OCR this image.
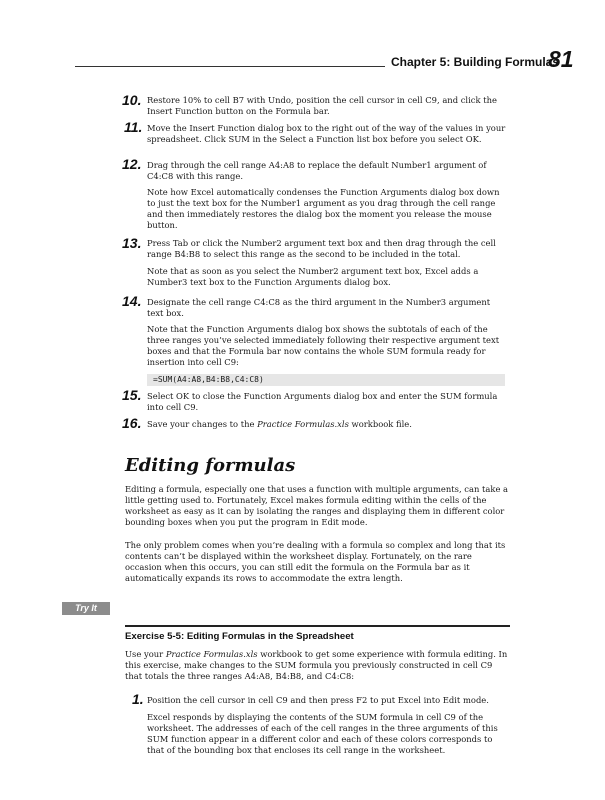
Chapter 5: Building Formulas
81
10. Restore 10% to cell B7 with Undo, position the cell cursor in cell C9, and click the Insert Function button on the Formula bar.
11. Move the Insert Function dialog box to the right out of the way of the values in your spreadsheet. Click SUM in the Select a Function list box before you select OK.
12. Drag through the cell range A4:A8 to replace the default Number1 argument of C4:C8 with this range.
Note how Excel automatically condenses the Function Arguments dialog box down to just the text box for the Number1 argument as you drag through the cell range and then immediately restores the dialog box the moment you release the mouse button.
13. Press Tab or click the Number2 argument text box and then drag through the cell range B4:B8 to select this range as the second to be included in the total.
Note that as soon as you select the Number2 argument text box, Excel adds a Number3 text box to the Function Arguments dialog box.
14. Designate the cell range C4:C8 as the third argument in the Number3 argument text box.
Note that the Function Arguments dialog box shows the subtotals of each of the three ranges you’ve selected immediately following their respective argument text boxes and that the Formula bar now contains the whole SUM formula ready for insertion into cell C9:
=SUM(A4:A8,B4:B8,C4:C8)
15. Select OK to close the Function Arguments dialog box and enter the SUM formula into cell C9.
16. Save your changes to the Practice Formulas.xls workbook file.
Editing formulas
Editing a formula, especially one that uses a function with multiple arguments, can take a little getting used to. Fortunately, Excel makes formula editing within the cells of the worksheet as easy as it can by isolating the ranges and displaying them in different color bounding boxes when you put the program in Edit mode.
The only problem comes when you’re dealing with a formula so complex and long that its contents can’t be displayed within the worksheet display. Fortunately, on the rare occasion when this occurs, you can still edit the formula on the Formula bar as it automatically expands its rows to accommodate the extra length.
Try It
Exercise 5-5: Editing Formulas in the Spreadsheet
Use your Practice Formulas.xls workbook to get some experience with formula editing. In this exercise, make changes to the SUM formula you previously constructed in cell C9 that totals the three ranges A4:A8, B4:B8, and C4:C8:
1. Position the cell cursor in cell C9 and then press F2 to put Excel into Edit mode.
Excel responds by displaying the contents of the SUM formula in cell C9 of the worksheet. The addresses of each of the cell ranges in the three arguments of this SUM function appear in a different color and each of these colors corresponds to that of the bounding box that encloses its cell range in the worksheet.
